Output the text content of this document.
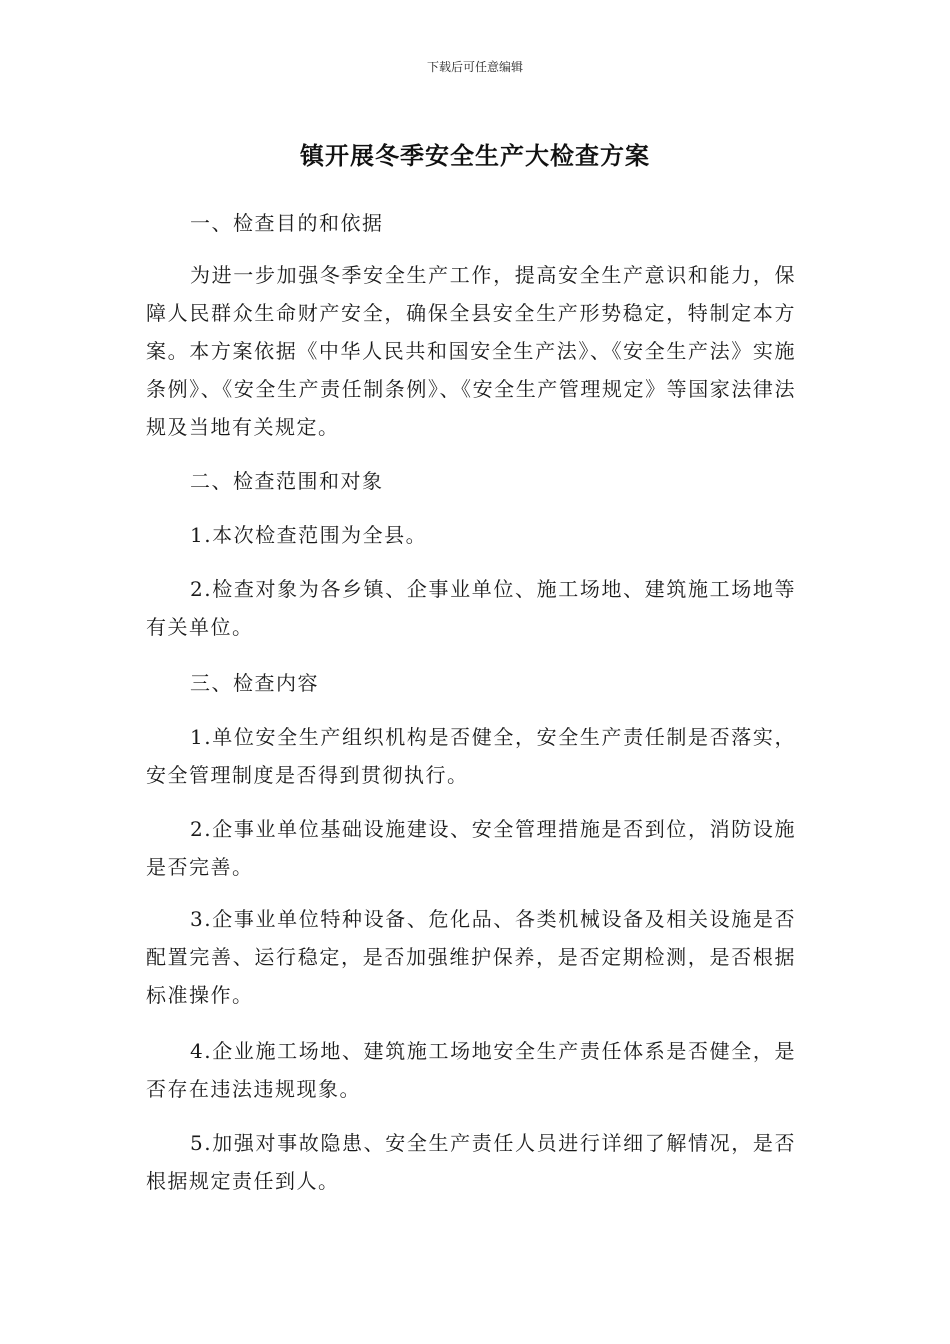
下载后可任意编辑
镇开展冬季安全生产大检查方案

一、检查目的和依据

为进一步加强冬季安全生产工作，提高安全生产意识和能力，保障人民群众生命财产安全，确保全县安全生产形势稳定，特制定本方案。本方案依据《中华人民共和国安全生产法》、《安全生产法》实施条例》、《安全生产责任制条例》、《安全生产管理规定》等国家法律法规及当地有关规定。

二、检查范围和对象

1.本次检查范围为全县。

2.检查对象为各乡镇、企事业单位、施工场地、建筑施工场地等有关单位。

三、检查内容

1.单位安全生产组织机构是否健全，安全生产责任制是否落实，安全管理制度是否得到贯彻执行。

2.企事业单位基础设施建设、安全管理措施是否到位，消防设施是否完善。

3.企事业单位特种设备、危化品、各类机械设备及相关设施是否配置完善、运行稳定，是否加强维护保养，是否定期检测，是否根据标准操作。

4.企业施工场地、建筑施工场地安全生产责任体系是否健全，是否存在违法违规现象。

5.加强对事故隐患、安全生产责任人员进行详细了解情况，是否根据规定责任到人。
